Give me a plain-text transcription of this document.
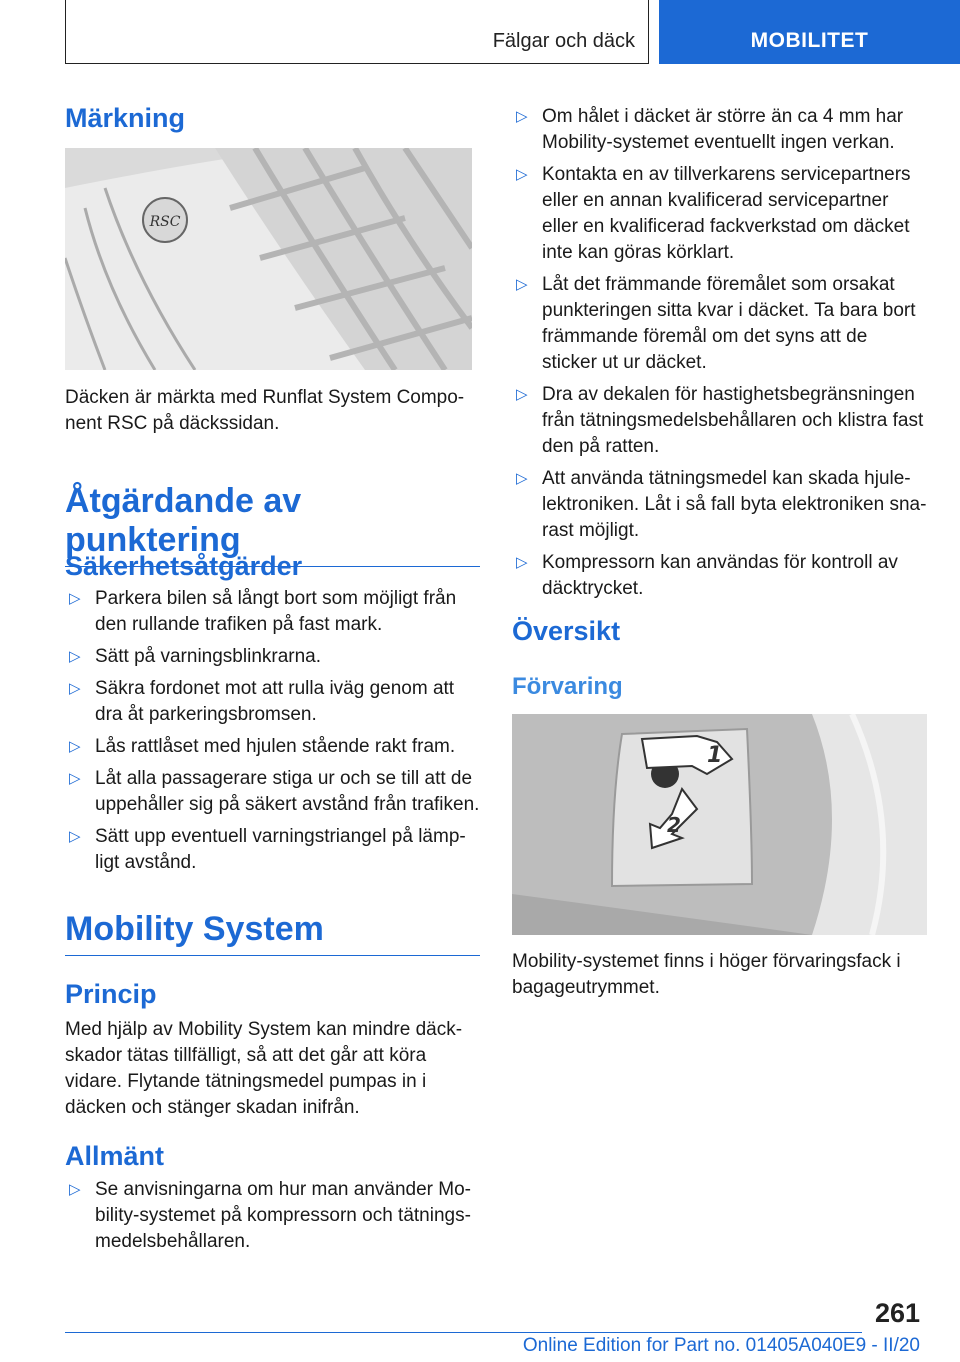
Fälgar och däck	MOBILITET
Märkning
RSC

Däcken är märkta med Runflat System Compo-nent RSC på däckssidan.

Åtgärdande av punktering
Säkerhetsåtgärder
▷ Parkera bilen så långt bort som möjligt från den rullande trafiken på fast mark.
▷ Sätt på varningsblinkrarna.
▷ Säkra fordonet mot att rulla iväg genom att dra åt parkeringsbromsen.
▷ Lås rattlåset med hjulen stående rakt fram.
▷ Låt alla passagerare stiga ur och se till att de uppehåller sig på säkert avstånd från trafiken.
▷ Sätt upp eventuell varningstriangel på lämp-ligt avstånd.
Mobility System
Princip

Med hjälp av Mobility System kan mindre däck-skador tätas tillfälligt, så att det går att köra vidare. Flytande tätningsmedel pumpas in i däcken och stänger skadan inifrån.

Allmänt
▷ Se anvisningarna om hur man använder Mo-bility-systemet på kompressorn och tätnings-medelsbehållaren.
▷ Om hålet i däcket är större än ca 4 mm har Mobility-systemet eventuellt ingen verkan.
▷ Kontakta en av tillverkarens servicepartners eller en annan kvalificerad servicepartner eller en kvalificerad fackverkstad om däcket inte kan göras körklart.
▷ Låt det främmande föremålet som orsakat punkteringen sitta kvar i däcket. Ta bara bort främmande föremål om det syns att de sticker ut ur däcket.
▷ Dra av dekalen för hastighetsbegränsningen från tätningsmedelsbehållaren och klistra fast den på ratten.
▷ Att använda tätningsmedel kan skada hjule-lektroniken. Låt i så fall byta elektroniken sna-rast möjligt.
▷ Kompressorn kan användas för kontroll av däcktrycket.
Översikt
Förvaring
1
2

Mobility-systemet finns i höger förvaringsfack i bagageutrymmet.

261
Online Edition for Part no. 01405A040E9 - II/20
